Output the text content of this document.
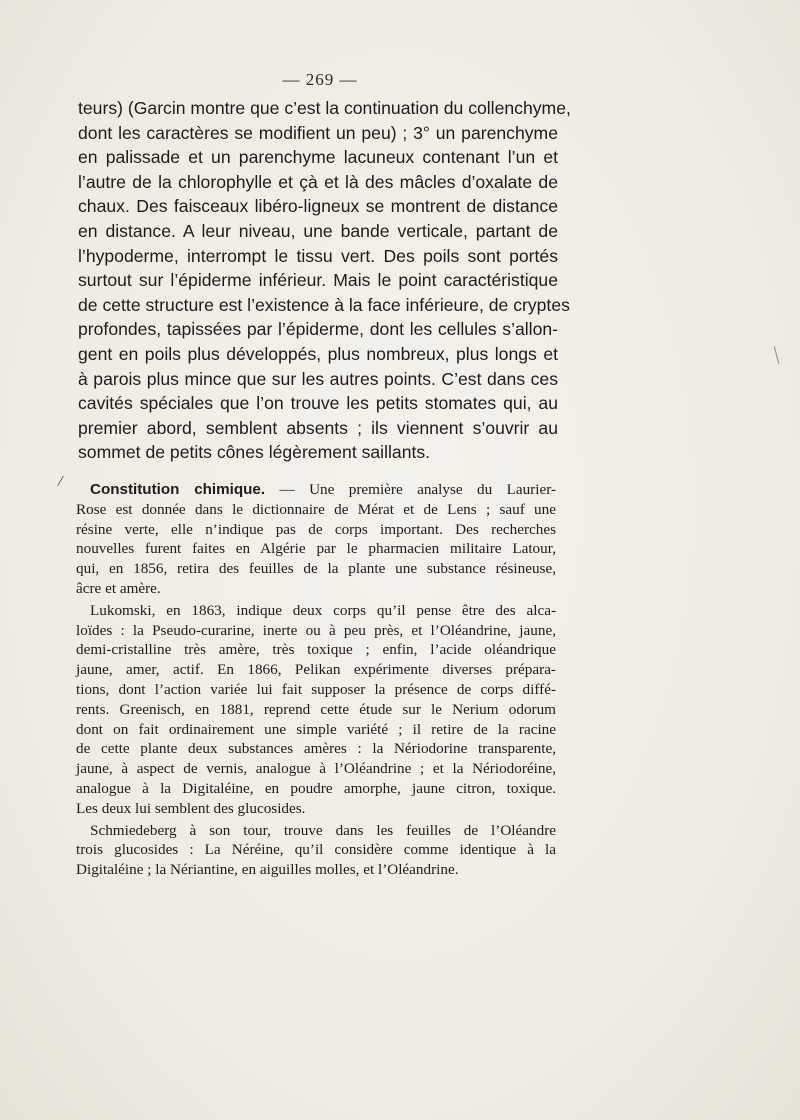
— 269 —
/
teurs) (Garcin montre que c’est la continuation du collenchyme,
dont les caractères se modifient un peu) ; 3° un parenchyme
en palissade et un parenchyme lacuneux contenant l’un et
l’autre de la chlorophylle et çà et là des mâcles d’oxalate de
chaux. Des faisceaux libéro-ligneux se montrent de distance
en distance. A leur niveau, une bande verticale, partant de
l’hypoderme, interrompt le tissu vert. Des poils sont portés
surtout sur l’épiderme inférieur. Mais le point caractéristique
de cette structure est l’existence à la face inférieure, de cryptes
profondes, tapissées par l’épiderme, dont les cellules s’allon-
gent en poils plus développés, plus nombreux, plus longs et
à parois plus mince que sur les autres points. C’est dans ces
cavités spéciales que l’on trouve les petits stomates qui, au
premier abord, semblent absents ; ils viennent s’ouvrir au
sommet de petits cônes légèrement saillants.
Constitution chimique. — Une première analyse du Laurier-
Rose est donnée dans le dictionnaire de Mérat et de Lens ; sauf une
résine verte, elle n’indique pas de corps important. Des recherches
nouvelles furent faites en Algérie par le pharmacien militaire Latour,
qui, en 1856, retira des feuilles de la plante une substance résineuse,
âcre et amère.
Lukomski, en 1863, indique deux corps qu’il pense être des alca-
loïdes : la Pseudo-curarine, inerte ou à peu près, et l’Oléandrine, jaune,
demi-cristalline très amère, très toxique ; enfin, l’acide oléandrique
jaune, amer, actif. En 1866, Pelikan expérimente diverses prépara-
tions, dont l’action variée lui fait supposer la présence de corps diffé-
rents. Greenisch, en 1881, reprend cette étude sur le Nerium odorum
dont on fait ordinairement une simple variété ; il retire de la racine
de cette plante deux substances amères : la Nériodorine transparente,
jaune, à aspect de vernis, analogue à l’Oléandrine ; et la Nériodoréine,
analogue à la Digitaléine, en poudre amorphe, jaune citron, toxique.
Les deux lui semblent des glucosides.
Schmiedeberg à son tour, trouve dans les feuilles de l’Oléandre
trois glucosides : La Néréine, qu’il considère comme identique à la
Digitaléine ; la Nériantine, en aiguilles molles, et l’Oléandrine.
